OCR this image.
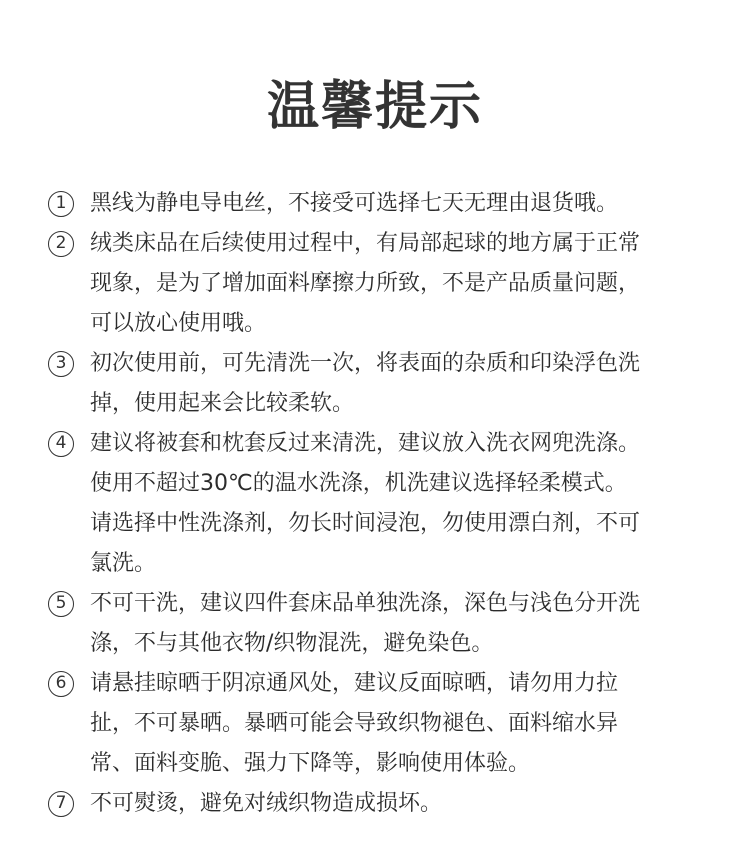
温馨提示
1	黑线为静电导电丝，不接受可选择七天无理由退货哦。
2	绒类床品在后续使用过程中，有局部起球的地方属于正常
现象，是为了增加面料摩擦力所致，不是产品质量问题，
可以放心使用哦。
3	初次使用前，可先清洗一次，将表面的杂质和印染浮色洗
掉，使用起来会比较柔软。
4	建议将被套和枕套反过来清洗，建议放入洗衣网兜洗涤。
使用不超过30℃的温水洗涤，机洗建议选择轻柔模式。
请选择中性洗涤剂，勿长时间浸泡，勿使用漂白剂，不可
氯洗。
5	不可干洗，建议四件套床品单独洗涤，深色与浅色分开洗
涤，不与其他衣物/织物混洗，避免染色。
6	请悬挂晾晒于阴凉通风处，建议反面晾晒，请勿用力拉
扯，不可暴晒。暴晒可能会导致织物褪色、面料缩水异
常、面料变脆、强力下降等，影响使用体验。
7	不可熨烫，避免对绒织物造成损坏。
